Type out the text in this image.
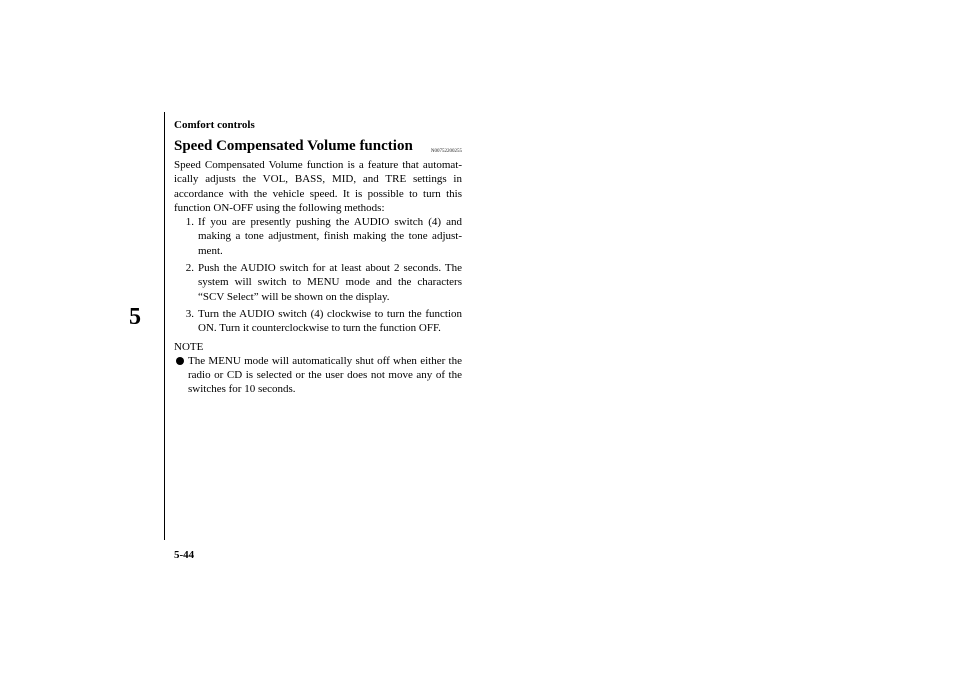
Comfort controls
5
Speed Compensated Volume function	N00752200255

Speed Compensated Volume function is a feature that automat-ically adjusts the VOL, BASS, MID, and TRE settings in accordance with the vehicle speed. It is possible to turn this function ON-OFF using the following methods:

1. If you are presently pushing the AUDIO switch (4) and making a tone adjustment, finish making the tone adjust-ment.
2. Push the AUDIO switch for at least about 2 seconds. The system will switch to MENU mode and the characters “SCV Select” will be shown on the display.
3. Turn the AUDIO switch (4) clockwise to turn the function ON. Turn it counterclockwise to turn the function OFF.
NOTE
The MENU mode will automatically shut off when either the radio or CD is selected or the user does not move any of the switches for 10 seconds.
5-44
